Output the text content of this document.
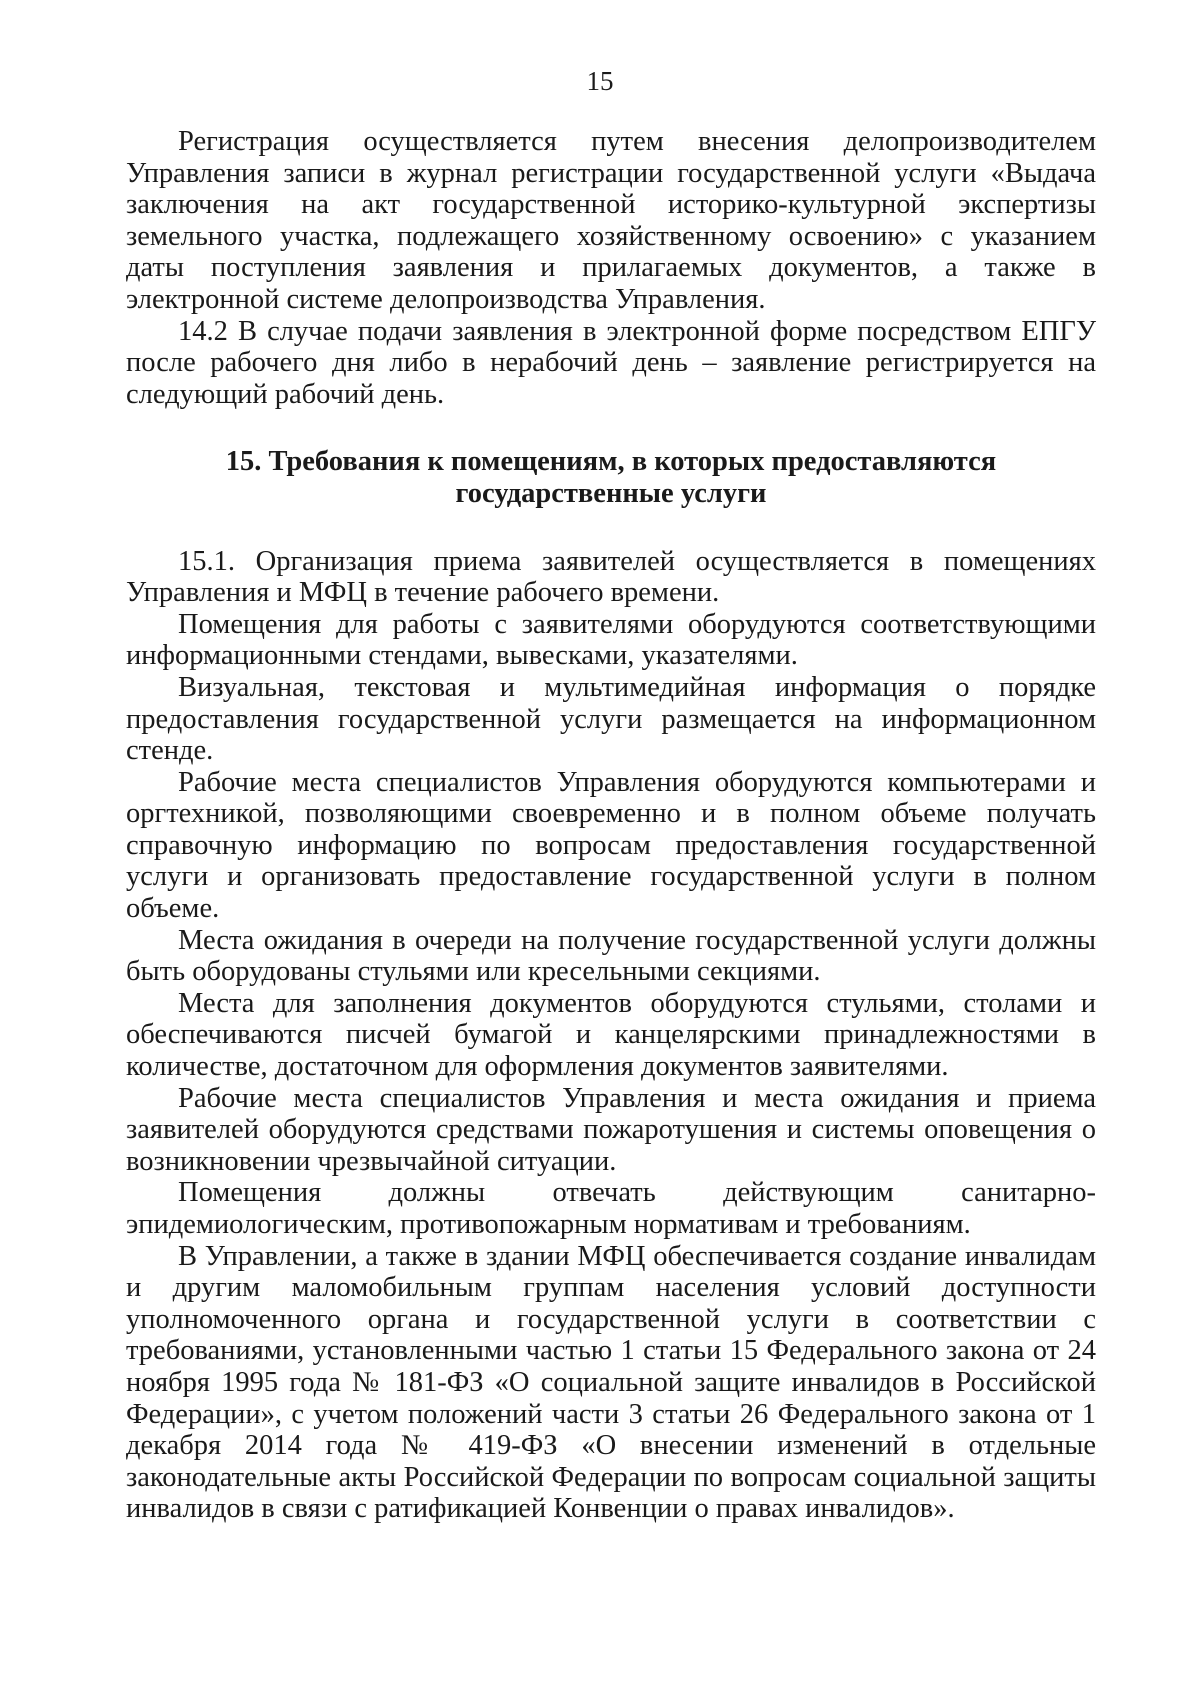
15

Регистрация осуществляется путем внесения делопроизводителем Управления записи в журнал регистрации государственной услуги «Выдача заключения на акт государственной историко-культурной экспертизы земельного участка, подлежащего хозяйственному освоению» с указанием даты поступления заявления и прилагаемых документов, а также в электронной системе делопроизводства Управления.

14.2 В случае подачи заявления в электронной форме посредством ЕПГУ после рабочего дня либо в нерабочий день – заявление регистрируется на следующий рабочий день.

15. Требования к помещениям, в которых предоставляются
государственные услуги

15.1. Организация приема заявителей осуществляется в помещениях Управления и МФЦ в течение рабочего времени.

Помещения для работы с заявителями оборудуются соответствующими информационными стендами, вывесками, указателями.

Визуальная, текстовая и мультимедийная информация о порядке предоставления государственной услуги размещается на информационном стенде.

Рабочие места специалистов Управления оборудуются компьютерами и оргтехникой, позволяющими своевременно и в полном объеме получать справочную информацию по вопросам предоставления государственной услуги и организовать предоставление государственной услуги в полном объеме.

Места ожидания в очереди на получение государственной услуги должны быть оборудованы стульями или кресельными секциями.

Места для заполнения документов оборудуются стульями, столами и обеспечиваются писчей бумагой и канцелярскими принадлежностями в количестве, достаточном для оформления документов заявителями.

Рабочие места специалистов Управления и места ожидания и приема заявителей оборудуются средствами пожаротушения и системы оповещения о возникновении чрезвычайной ситуации.

Помещения должны отвечать действующим санитарно-эпидемиологическим, противопожарным нормативам и требованиям.

В Управлении, а также в здании МФЦ обеспечивается создание инвалидам и другим маломобильным группам населения условий доступности уполномоченного органа и государственной услуги в соответствии с требованиями, установленными частью 1 статьи 15 Федерального закона от 24 ноября 1995 года № 181-ФЗ «О социальной защите инвалидов в Российской Федерации», с учетом положений части 3 статьи 26 Федерального закона от 1 декабря 2014 года № 419-ФЗ «О внесении изменений в отдельные законодательные акты Российской Федерации по вопросам социальной защиты инвалидов в связи с ратификацией Конвенции о правах инвалидов».
